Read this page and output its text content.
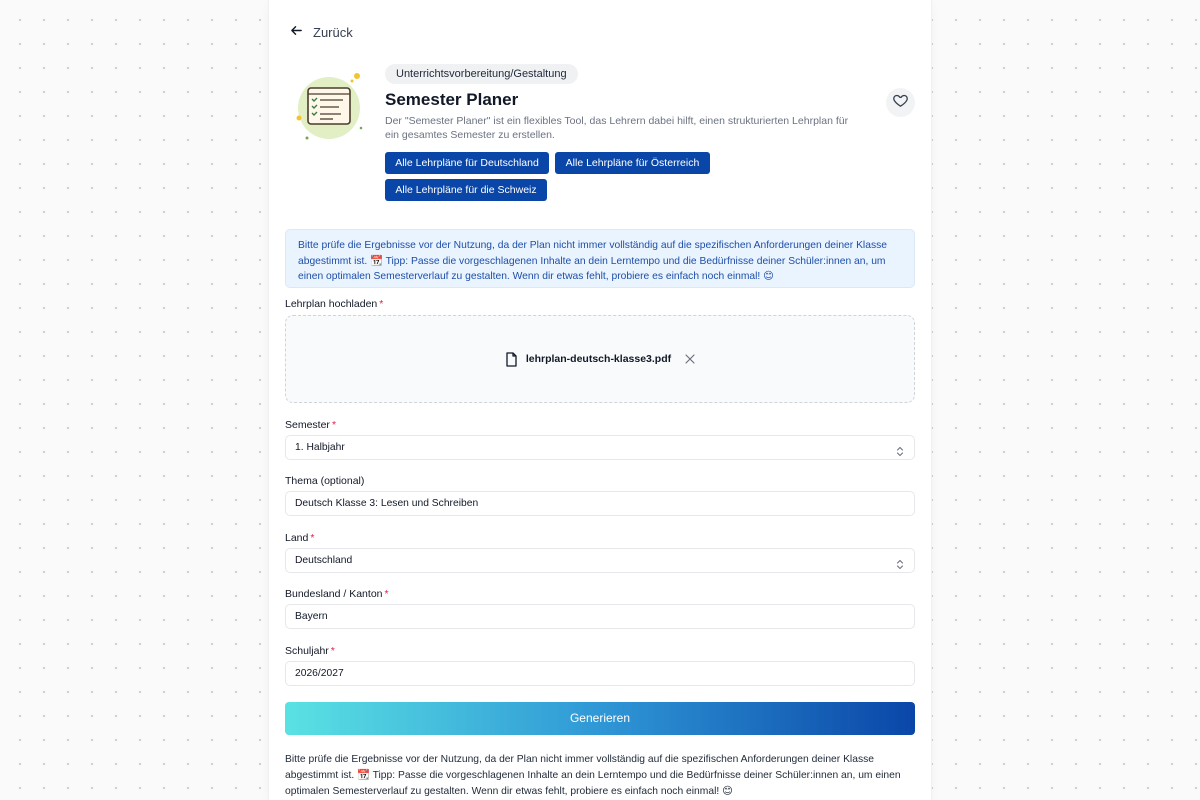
Zurück
Unterrichtsvorbereitung/Gestaltung
Semester Planer
Der "Semester Planer" ist ein flexibles Tool, das Lehrern dabei hilft, einen strukturierten Lehrplan für ein gesamtes Semester zu erstellen.
Alle Lehrpläne für Deutschland	Alle Lehrpläne für Österreich
Alle Lehrpläne für die Schweiz
Bitte prüfe die Ergebnisse vor der Nutzung, da der Plan nicht immer vollständig auf die spezifischen Anforderungen deiner Klasse abgestimmt ist. 📆 Tipp: Passe die vorgeschlagenen Inhalte an dein Lerntempo und die Bedürfnisse deiner Schüler:innen an, um einen optimalen Semesterverlauf zu gestalten. Wenn dir etwas fehlt, probiere es einfach noch einmal! 😊
Lehrplan hochladen *
lehrplan-deutsch-klasse3.pdf
Semester *
1. Halbjahr
Thema (optional)
Deutsch Klasse 3: Lesen und Schreiben
Land *
Deutschland
Bundesland / Kanton *
Bayern
Schuljahr *
2026/2027
Generieren
Bitte prüfe die Ergebnisse vor der Nutzung, da der Plan nicht immer vollständig auf die spezifischen Anforderungen deiner Klasse abgestimmt ist. 📆 Tipp: Passe die vorgeschlagenen Inhalte an dein Lerntempo und die Bedürfnisse deiner Schüler:innen an, um einen optimalen Semesterverlauf zu gestalten. Wenn dir etwas fehlt, probiere es einfach noch einmal! 😊
